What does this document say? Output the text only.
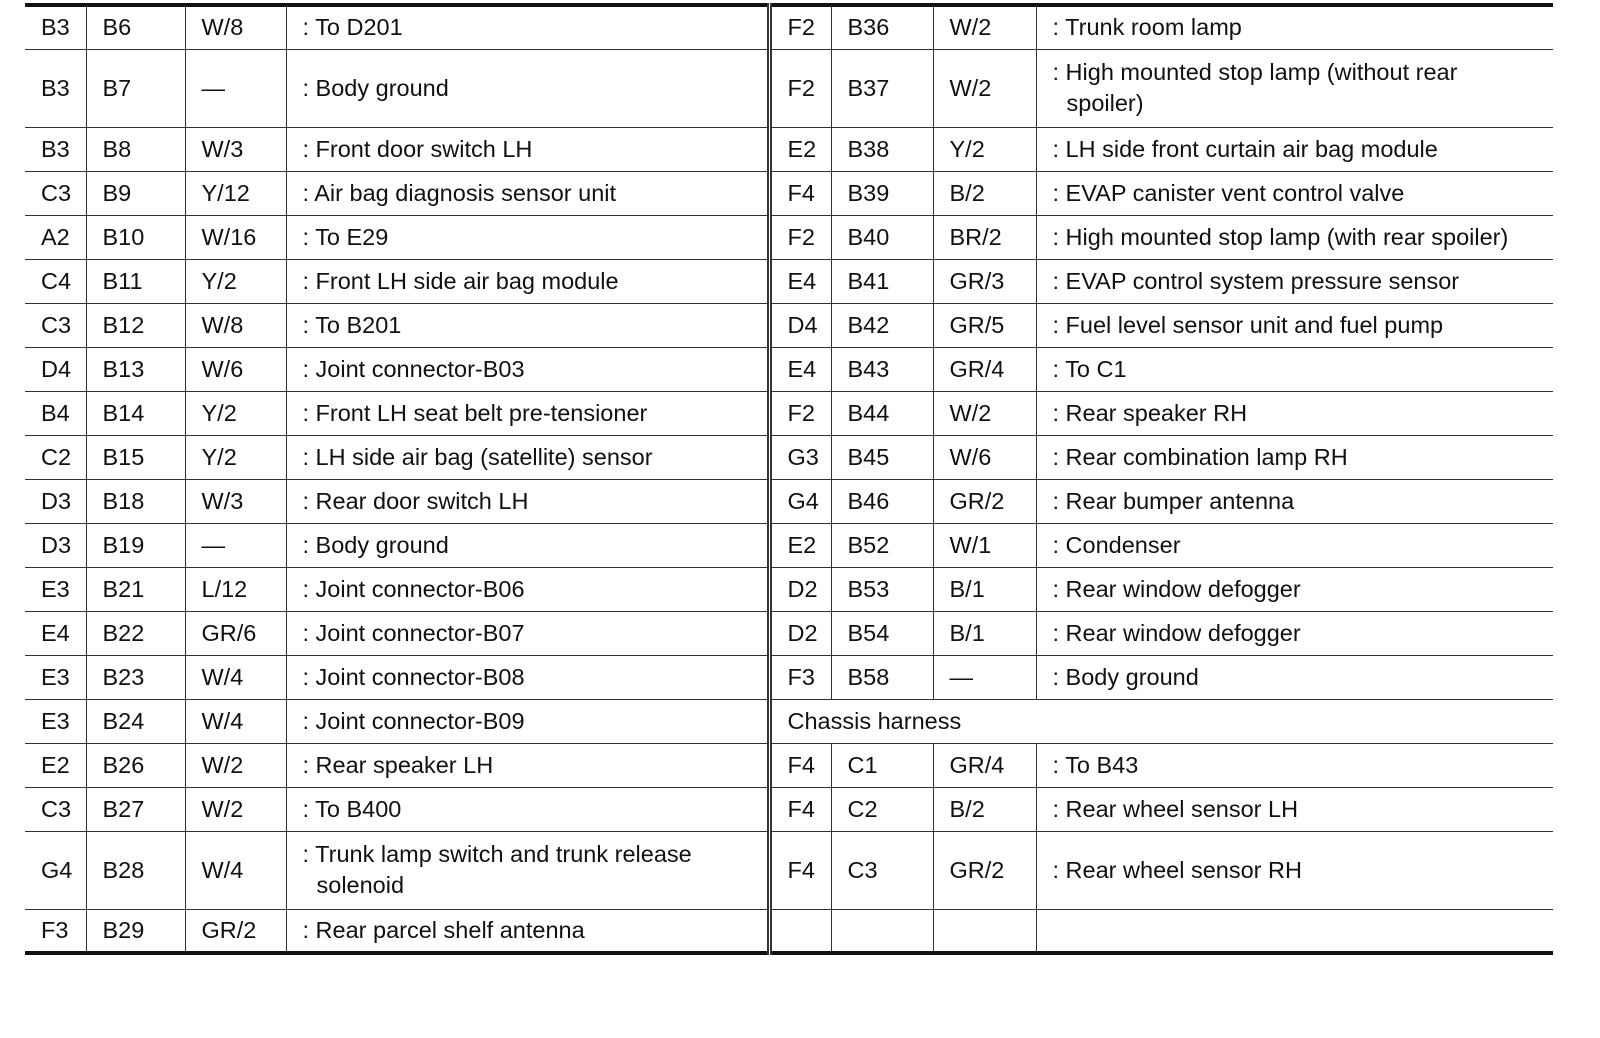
B3	B6	W/8	: To D201	F2	B36	W/2	: Trunk room lamp

B3	B7	—	: Body ground	F2	B37	W/2	: High mounted stop lamp (without rear spoiler)

B3	B8	W/3	: Front door switch LH	E2	B38	Y/2	: LH side front curtain air bag module

C3	B9	Y/12	: Air bag diagnosis sensor unit	F4	B39	B/2	: EVAP canister vent control valve

A2	B10	W/16	: To E29	F2	B40	BR/2	: High mounted stop lamp (with rear spoiler)

C4	B11	Y/2	: Front LH side air bag module	E4	B41	GR/3	: EVAP control system pressure sensor

C3	B12	W/8	: To B201	D4	B42	GR/5	: Fuel level sensor unit and fuel pump

D4	B13	W/6	: Joint connector-B03	E4	B43	GR/4	: To C1

B4	B14	Y/2	: Front LH seat belt pre-tensioner	F2	B44	W/2	: Rear speaker RH

C2	B15	Y/2	: LH side air bag (satellite) sensor	G3	B45	W/6	: Rear combination lamp RH

D3	B18	W/3	: Rear door switch LH	G4	B46	GR/2	: Rear bumper antenna

D3	B19	—	: Body ground	E2	B52	W/1	: Condenser

E3	B21	L/12	: Joint connector-B06	D2	B53	B/1	: Rear window defogger

E4	B22	GR/6	: Joint connector-B07	D2	B54	B/1	: Rear window defogger

E3	B23	W/4	: Joint connector-B08	F3	B58	—	: Body ground

E3	B24	W/4	: Joint connector-B09	Chassis harness			
E2	B26	W/2	: Rear speaker LH	F4	C1	GR/4	: To B43

C3	B27	W/2	: To B400	F4	C2	B/2	: Rear wheel sensor LH

G4	B28	W/4	: Trunk lamp switch and trunk release solenoid	F4	C3	GR/2	: Rear wheel sensor RH

F3	B29	GR/2	: Rear parcel shelf antenna				
